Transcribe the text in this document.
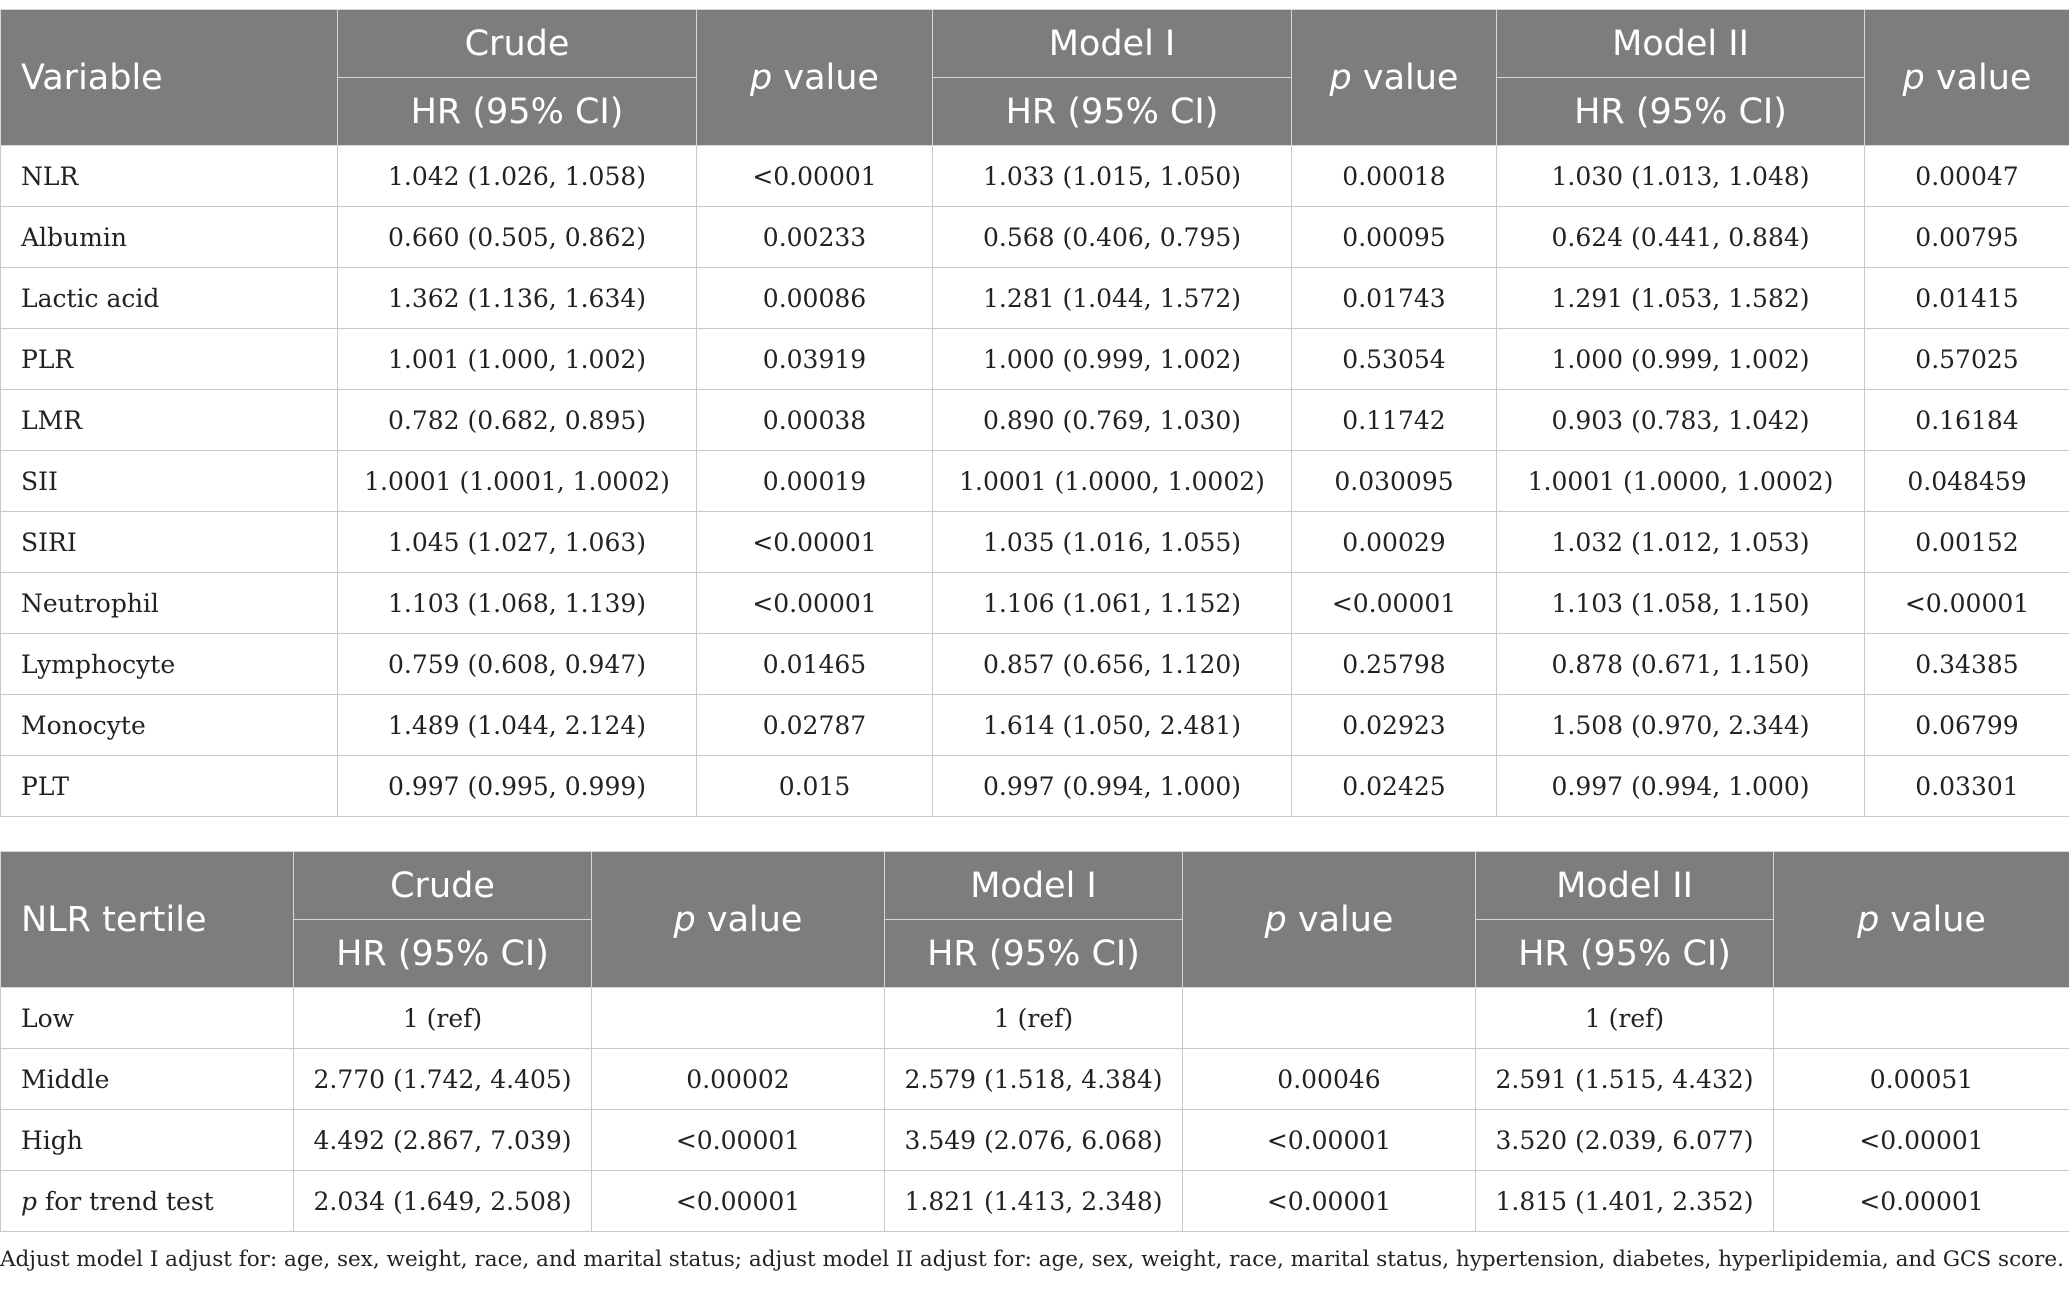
Variable	Crude	p value	Model I	p value	Model II	p value
	HR (95% CI)		HR (95% CI)		HR (95% CI)	
NLR	1.042 (1.026, 1.058)	<0.00001	1.033 (1.015, 1.050)	0.00018	1.030 (1.013, 1.048)	0.00047
Albumin	0.660 (0.505, 0.862)	0.00233	0.568 (0.406, 0.795)	0.00095	0.624 (0.441, 0.884)	0.00795
Lactic acid	1.362 (1.136, 1.634)	0.00086	1.281 (1.044, 1.572)	0.01743	1.291 (1.053, 1.582)	0.01415
PLR	1.001 (1.000, 1.002)	0.03919	1.000 (0.999, 1.002)	0.53054	1.000 (0.999, 1.002)	0.57025
LMR	0.782 (0.682, 0.895)	0.00038	0.890 (0.769, 1.030)	0.11742	0.903 (0.783, 1.042)	0.16184
SII	1.0001 (1.0001, 1.0002)	0.00019	1.0001 (1.0000, 1.0002)	0.030095	1.0001 (1.0000, 1.0002)	0.048459
SIRI	1.045 (1.027, 1.063)	<0.00001	1.035 (1.016, 1.055)	0.00029	1.032 (1.012, 1.053)	0.00152
Neutrophil	1.103 (1.068, 1.139)	<0.00001	1.106 (1.061, 1.152)	<0.00001	1.103 (1.058, 1.150)	<0.00001
Lymphocyte	0.759 (0.608, 0.947)	0.01465	0.857 (0.656, 1.120)	0.25798	0.878 (0.671, 1.150)	0.34385
Monocyte	1.489 (1.044, 2.124)	0.02787	1.614 (1.050, 2.481)	0.02923	1.508 (0.970, 2.344)	0.06799
PLT	0.997 (0.995, 0.999)	0.015	0.997 (0.994, 1.000)	0.02425	0.997 (0.994, 1.000)	0.03301
NLR tertile	Crude	p value	Model I	p value	Model II	p value
	HR (95% CI)		HR (95% CI)		HR (95% CI)	
Low	1 (ref)		1 (ref)		1 (ref)	
Middle	2.770 (1.742, 4.405)	0.00002	2.579 (1.518, 4.384)	0.00046	2.591 (1.515, 4.432)	0.00051
High	4.492 (2.867, 7.039)	<0.00001	3.549 (2.076, 6.068)	<0.00001	3.520 (2.039, 6.077)	<0.00001
p for trend test	2.034 (1.649, 2.508)	<0.00001	1.821 (1.413, 2.348)	<0.00001	1.815 (1.401, 2.352)	<0.00001
Adjust model I adjust for: age, sex, weight, race, and marital status; adjust model II adjust for: age, sex, weight, race, marital status, hypertension, diabetes, hyperlipidemia, and GCS score.
